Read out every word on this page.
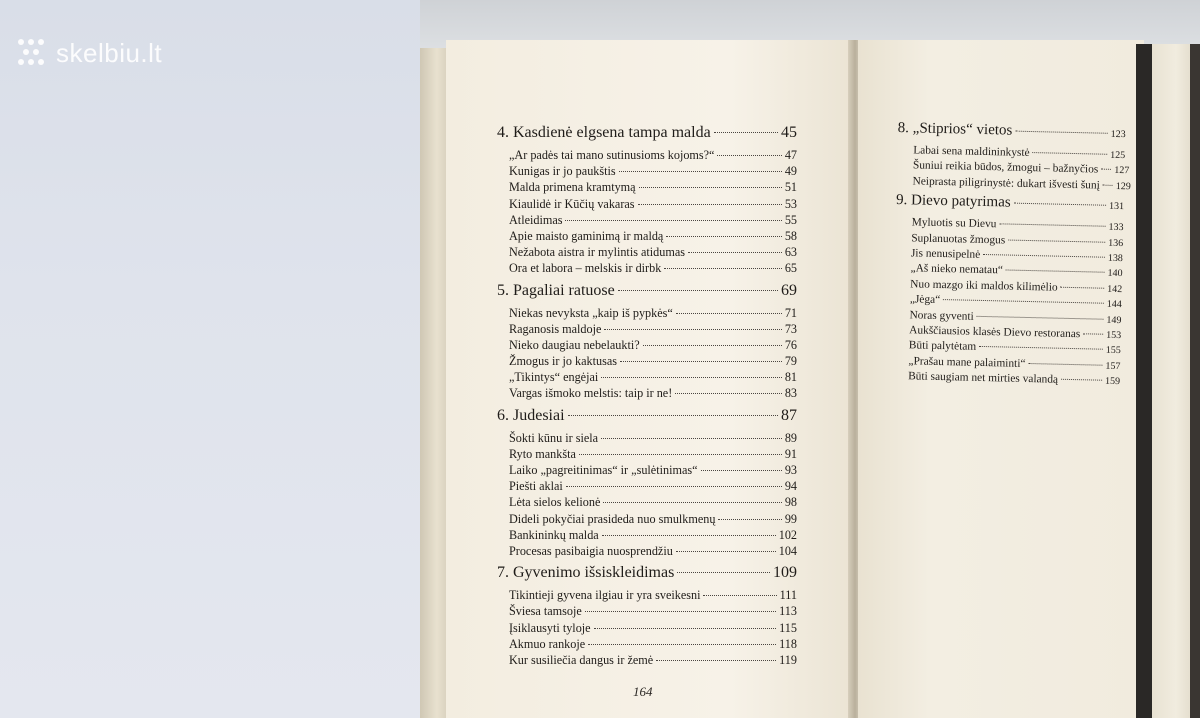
skelbiu.lt
4. Kasdienė elgsena tampa malda	45
„Ar padės tai mano sutinusioms kojoms?“	47
Kunigas ir jo paukštis	49
Malda primena kramtymą	51
Kiaulidė ir Kūčių vakaras	53
Atleidimas	55
Apie maisto gaminimą ir maldą	58
Nežabota aistra ir mylintis atidumas	63
Ora et labora – melskis ir dirbk	65
5. Pagaliai ratuose	69
Niekas nevyksta „kaip iš pypkės“	71
Raganosis maldoje	73
Nieko daugiau nebelaukti?	76
Žmogus ir jo kaktusas	79
„Tikintys“ engėjai	81
Vargas išmoko melstis: taip ir ne!	83
6. Judesiai	87
Šokti kūnu ir siela	89
Ryto mankšta	91
Laiko „pagreitinimas“ ir „sulėtinimas“	93
Piešti aklai	94
Lėta sielos kelionė	98
Dideli pokyčiai prasideda nuo smulkmenų	99
Bankininkų malda	102
Procesas pasibaigia nuosprendžiu	104
7. Gyvenimo išsiskleidimas	109
Tikintieji gyvena ilgiau ir yra sveikesni	111
Šviesa tamsoje	113
Įsiklausyti tyloje	115
Akmuo rankoje	118
Kur susiliečia dangus ir žemė	119
8. „Stiprios“ vietos	123
Labai sena maldininkystė	125
Šuniui reikia būdos, žmogui – bažnyčios 127
Neiprasta piligrinystė: dukart išvesti šunį 129
9. Dievo patyrimas	131
Myluotis su Dievu	133
Suplanuotas žmogus	136
Jis nenusipelnė	138
„Aš nieko nematau“	140
Nuo mazgo iki maldos kilimėlio	142
„Jėga“	144
Noras gyventi	149
Aukščiausios klasės Dievo restoranas	153
Būti palytėtam	155
„Prašau mane palaiminti“	157
Būti saugiam net mirties valandą	159
164
